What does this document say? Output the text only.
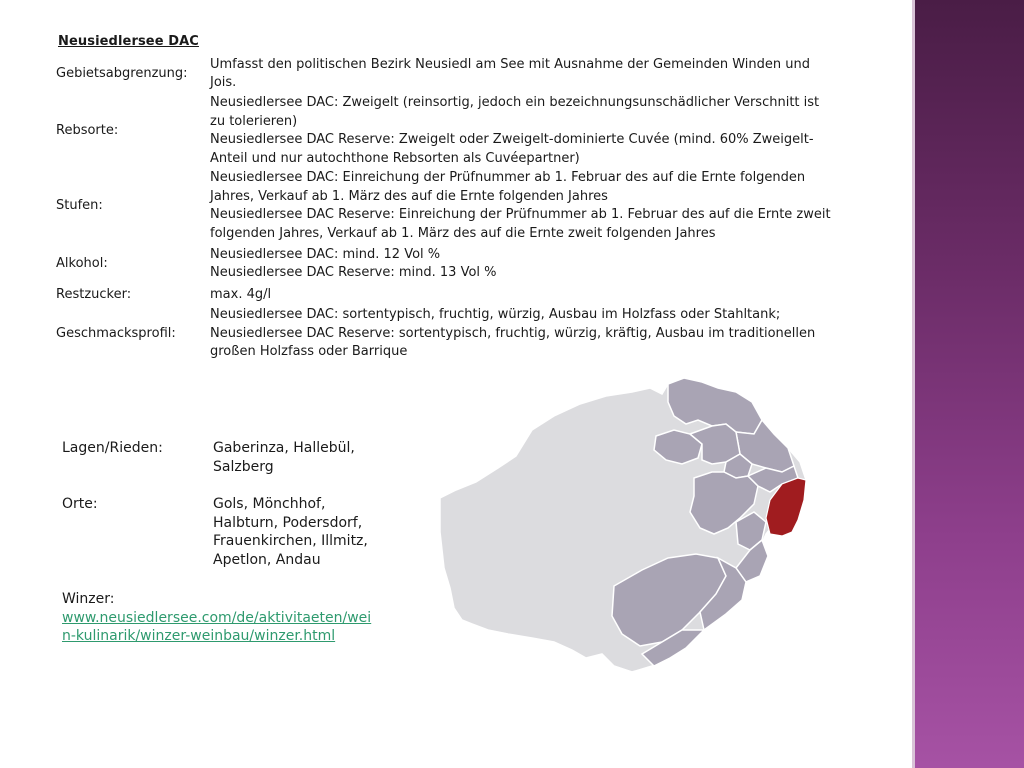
Neusiedlersee DAC
Gebietsabgrenzung:	Umfasst den politischen Bezirk Neusiedl am See mit Ausnahme der Gemeinden Winden und
Jois.

Rebsorte:	Neusiedlersee DAC: Zweigelt (reinsortig, jedoch ein bezeichnungsunschädlicher Verschnitt ist
zu tolerieren)
Neusiedlersee DAC Reserve: Zweigelt oder Zweigelt-dominierte Cuvée (mind. 60% Zweigelt-
Anteil und nur autochthone Rebsorten als Cuvéepartner)

Stufen:	Neusiedlersee DAC: Einreichung der Prüfnummer ab 1. Februar des auf die Ernte folgenden
Jahres, Verkauf ab 1. März des auf die Ernte folgenden Jahres
Neusiedlersee DAC Reserve: Einreichung der Prüfnummer ab 1. Februar des auf die Ernte zweit
folgenden Jahres, Verkauf ab 1. März des auf die Ernte zweit folgenden Jahres

Alkohol:	Neusiedlersee DAC: mind. 12 Vol %
Neusiedlersee DAC Reserve: mind. 13 Vol %

Restzucker:	max. 4g/l

Geschmacksprofil:	Neusiedlersee DAC: sortentypisch, fruchtig, würzig, Ausbau im Holzfass oder Stahltank;
Neusiedlersee DAC Reserve: sortentypisch, fruchtig, würzig, kräftig, Ausbau im traditionellen
großen Holzfass oder Barrique
Lagen/Rieden:	Gaberinza, Hallebül,
Salzberg
Orte:	Gols, Mönchhof,
Halbturn, Podersdorf,
Frauenkirchen, Illmitz,
Apetlon, Andau
Winzer:
www.neusiedlersee.com/de/aktivitaeten/wei
n-kulinarik/winzer-weinbau/winzer.html
